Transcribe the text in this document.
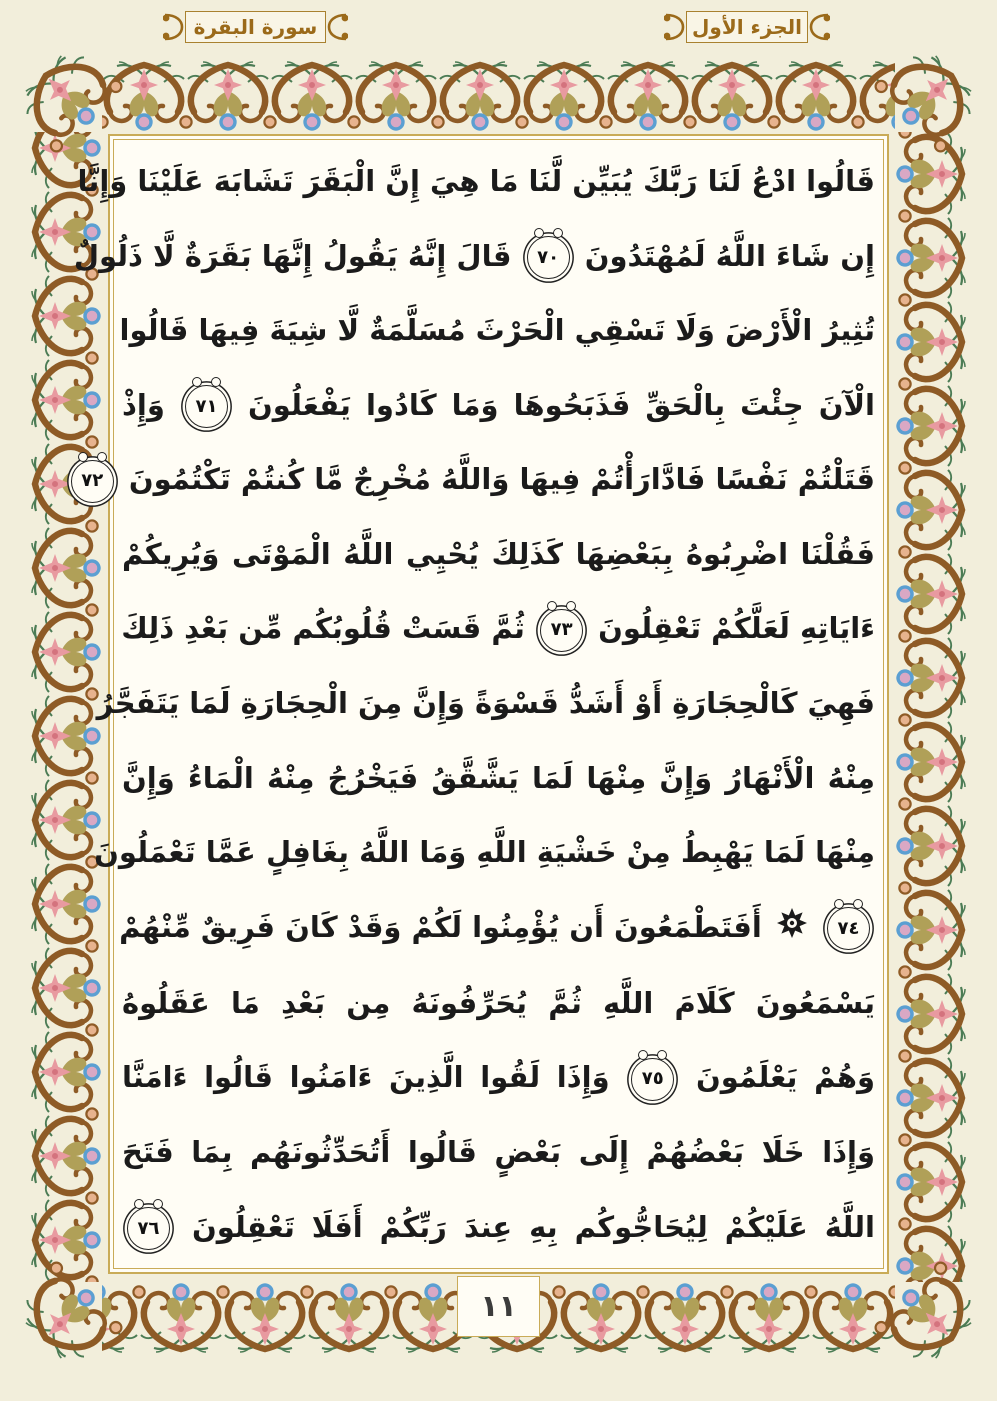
سورة البقرة	الجزء الأول
قَالُوا ادْعُ لَنَا رَبَّكَ يُبَيِّن لَّنَا مَا هِيَ إِنَّ الْبَقَرَ تَشَابَهَ عَلَيْنَا وَإِنَّا
إِن شَاءَ اللَّهُ لَمُهْتَدُونَ ٧٠ قَالَ إِنَّهُ يَقُولُ إِنَّهَا بَقَرَةٌ لَّا ذَلُولٌ
تُثِيرُ الْأَرْضَ وَلَا تَسْقِي الْحَرْثَ مُسَلَّمَةٌ لَّا شِيَةَ فِيهَا قَالُوا
الْآنَ جِئْتَ بِالْحَقِّ فَذَبَحُوهَا وَمَا كَادُوا يَفْعَلُونَ ٧١ وَإِذْ
قَتَلْتُمْ نَفْسًا فَادَّارَأْتُمْ فِيهَا وَاللَّهُ مُخْرِجٌ مَّا كُنتُمْ تَكْتُمُونَ ٧٢
فَقُلْنَا اضْرِبُوهُ بِبَعْضِهَا كَذَلِكَ يُحْيِي اللَّهُ الْمَوْتَى وَيُرِيكُمْ
ءَايَاتِهِ لَعَلَّكُمْ تَعْقِلُونَ ٧٣ ثُمَّ قَسَتْ قُلُوبُكُم مِّن بَعْدِ ذَلِكَ
فَهِيَ كَالْحِجَارَةِ أَوْ أَشَدُّ قَسْوَةً وَإِنَّ مِنَ الْحِجَارَةِ لَمَا يَتَفَجَّرُ
مِنْهُ الْأَنْهَارُ وَإِنَّ مِنْهَا لَمَا يَشَّقَّقُ فَيَخْرُجُ مِنْهُ الْمَاءُ وَإِنَّ
مِنْهَا لَمَا يَهْبِطُ مِنْ خَشْيَةِ اللَّهِ وَمَا اللَّهُ بِغَافِلٍ عَمَّا تَعْمَلُونَ
٧٤  أَفَتَطْمَعُونَ أَن يُؤْمِنُوا لَكُمْ وَقَدْ كَانَ فَرِيقٌ مِّنْهُمْ
يَسْمَعُونَ كَلَامَ اللَّهِ ثُمَّ يُحَرِّفُونَهُ مِن بَعْدِ مَا عَقَلُوهُ
وَهُمْ يَعْلَمُونَ ٧٥ وَإِذَا لَقُوا الَّذِينَ ءَامَنُوا قَالُوا ءَامَنَّا
وَإِذَا خَلَا بَعْضُهُمْ إِلَى بَعْضٍ قَالُوا أَتُحَدِّثُونَهُم بِمَا فَتَحَ
اللَّهُ عَلَيْكُمْ لِيُحَاجُّوكُم بِهِ عِندَ رَبِّكُمْ أَفَلَا تَعْقِلُونَ ٧٦
١١
